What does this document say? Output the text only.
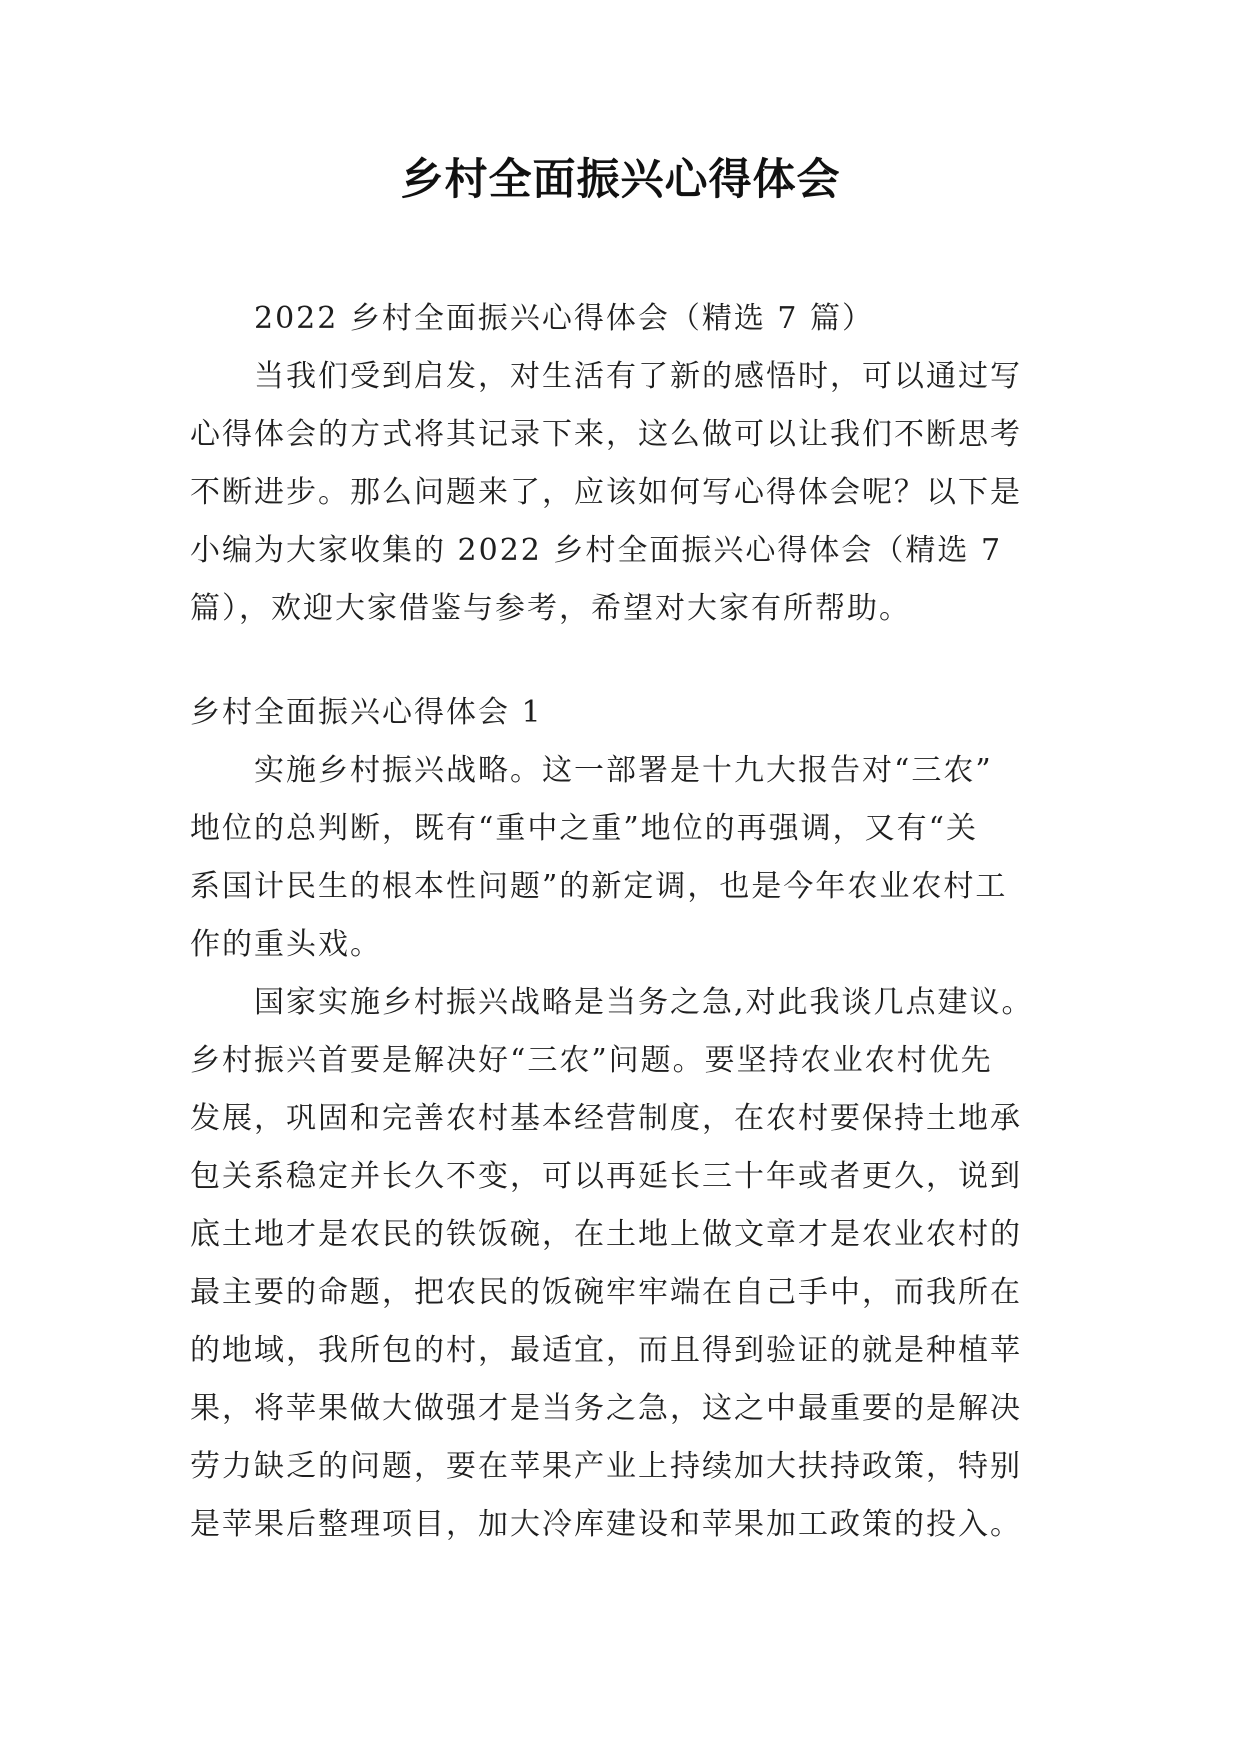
乡村全面振兴心得体会
2022 乡村全面振兴心得体会（精选 7 篇）
当我们受到启发，对生活有了新的感悟时，可以通过写
心得体会的方式将其记录下来，这么做可以让我们不断思考
不断进步。那么问题来了，应该如何写心得体会呢？以下是
小编为大家收集的 2022 乡村全面振兴心得体会（精选 7
篇），欢迎大家借鉴与参考，希望对大家有所帮助。
乡村全面振兴心得体会 1
实施乡村振兴战略。这一部署是十九大报告对“三农”
地位的总判断，既有“重中之重”地位的再强调，又有“关
系国计民生的根本性问题”的新定调，也是今年农业农村工
作的重头戏。
国家实施乡村振兴战略是当务之急,对此我谈几点建议。
乡村振兴首要是解决好“三农”问题。要坚持农业农村优先
发展，巩固和完善农村基本经营制度，在农村要保持土地承
包关系稳定并长久不变，可以再延长三十年或者更久，说到
底土地才是农民的铁饭碗，在土地上做文章才是农业农村的
最主要的命题，把农民的饭碗牢牢端在自己手中，而我所在
的地域，我所包的村，最适宜，而且得到验证的就是种植苹
果，将苹果做大做强才是当务之急，这之中最重要的是解决
劳力缺乏的问题，要在苹果产业上持续加大扶持政策，特别
是苹果后整理项目，加大冷库建设和苹果加工政策的投入。
